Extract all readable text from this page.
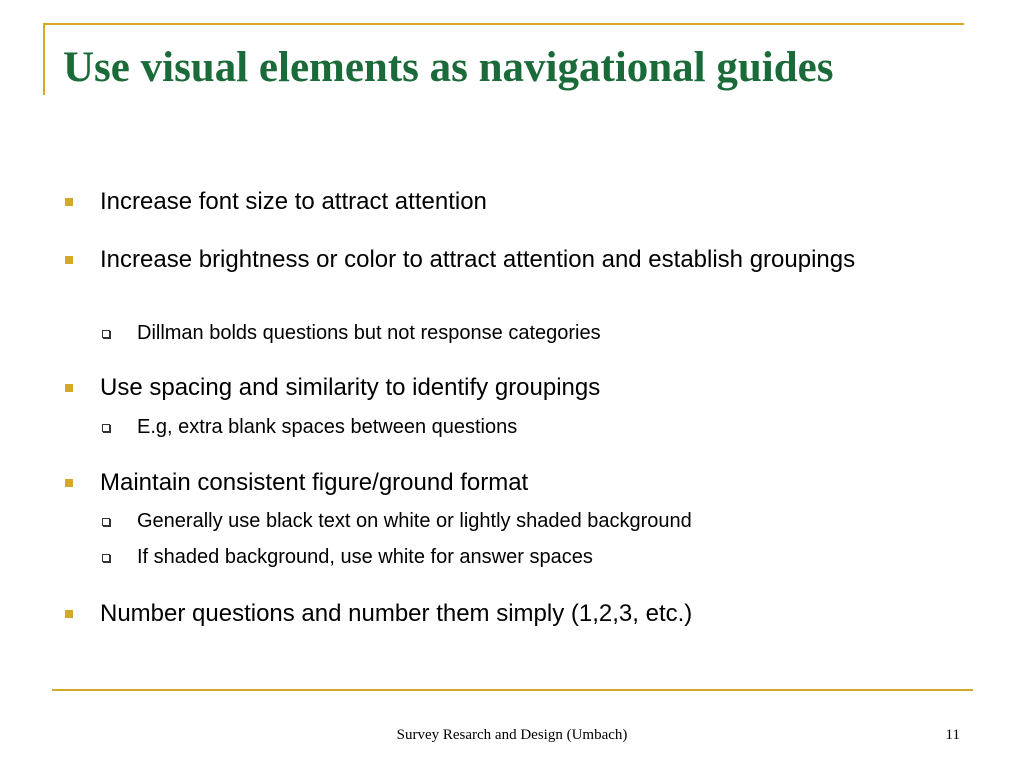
Use visual elements as navigational guides
Increase font size to attract attention
Increase brightness or color to attract attention and establish groupings
Dillman bolds questions but not response categories
Use spacing and similarity to identify groupings
E.g, extra blank spaces between questions
Maintain consistent figure/ground format
Generally use black text on white or lightly shaded background
If shaded background, use white for answer spaces
Number questions and number them simply (1,2,3, etc.)
Survey Resarch and Design (Umbach)	11
